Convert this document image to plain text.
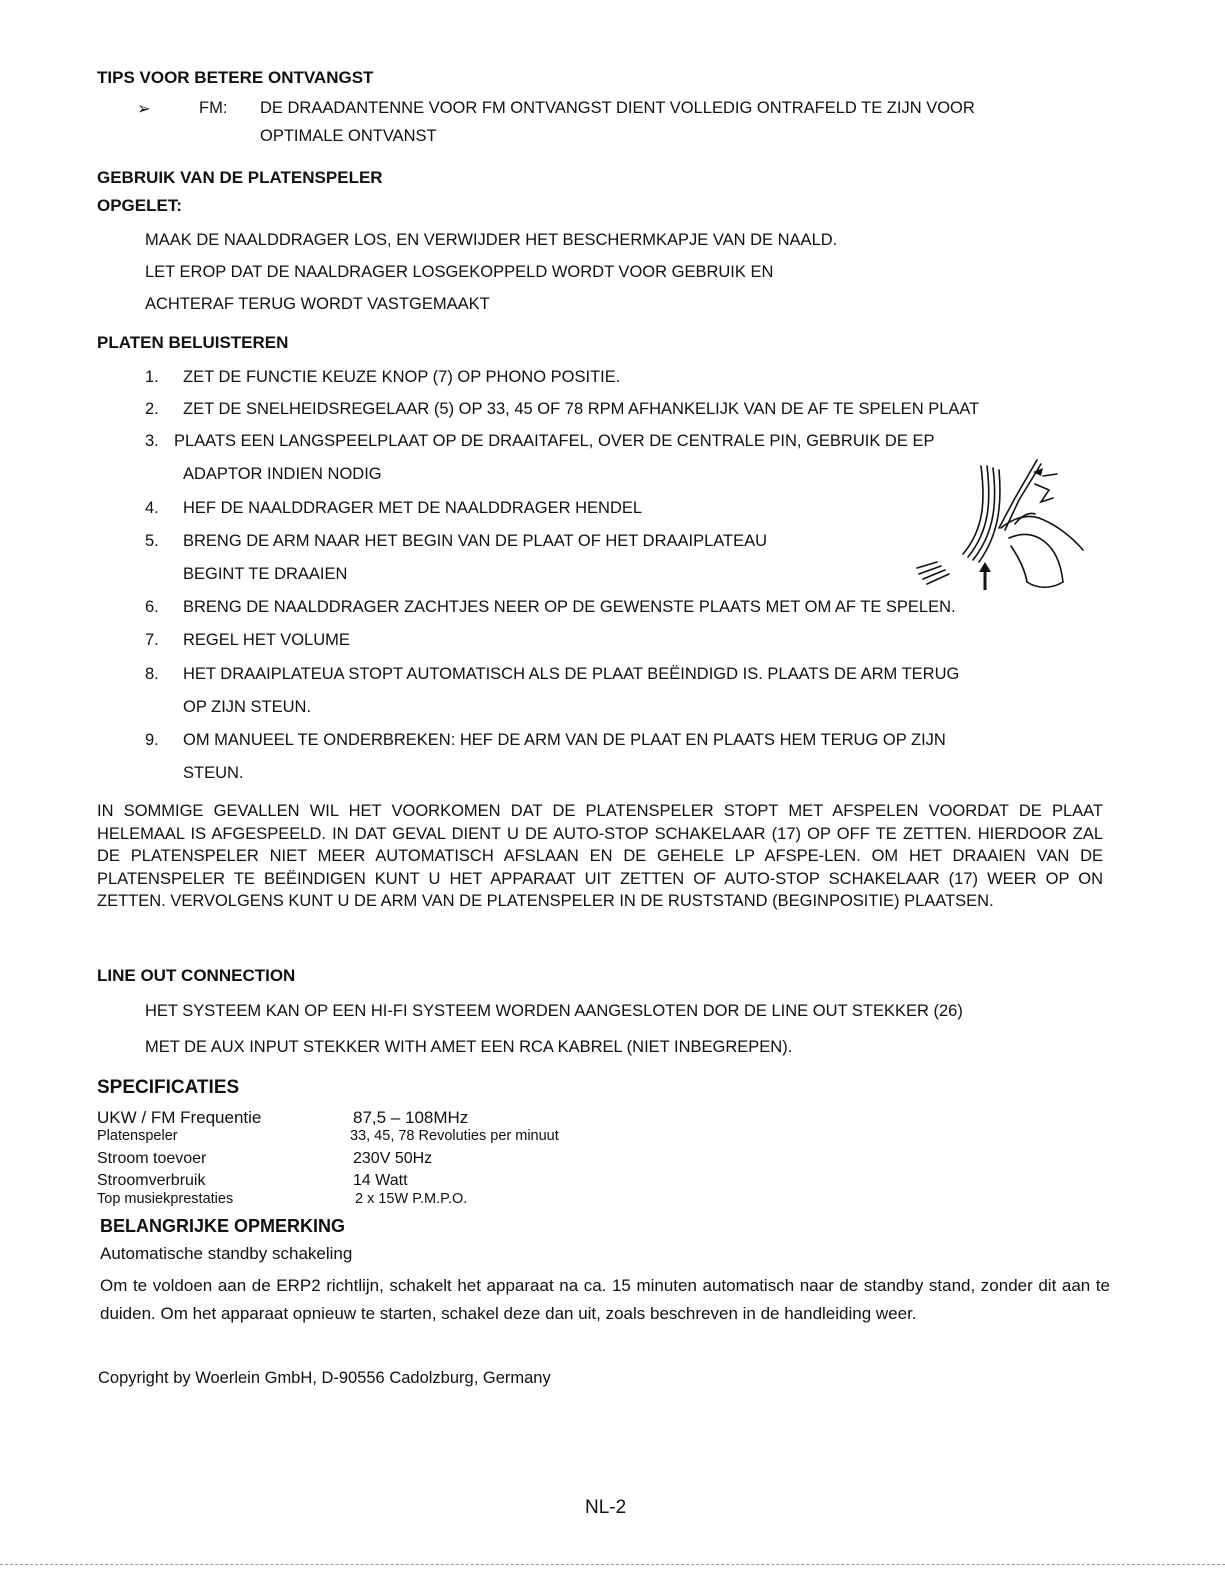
TIPS VOOR BETERE ONTVANGST
➢	FM: DE DRAADANTENNE VOOR FM ONTVANGST DIENT VOLLEDIG ONTRAFELD TE ZIJN VOOR
OPTIMALE ONTVANST
GEBRUIK VAN DE PLATENSPELER
OPGELET:
MAAK DE NAALDDRAGER LOS, EN VERWIJDER HET BESCHERMKAPJE VAN DE NAALD.
LET EROP DAT DE NAALDRAGER LOSGEKOPPELD WORDT VOOR GEBRUIK EN
ACHTERAF TERUG WORDT VASTGEMAAKT
PLATEN BELUISTEREN
1. ZET DE FUNCTIE KEUZE KNOP (7) OP PHONO POSITIE.
2. ZET DE SNELHEIDSREGELAAR (5) OP 33, 45 OF 78 RPM AFHANKELIJK VAN DE AF TE SPELEN PLAAT
3. PLAATS EEN LANGSPEELPLAAT OP DE DRAAITAFEL, OVER DE CENTRALE PIN, GEBRUIK DE EP
ADAPTOR INDIEN NODIG
4. HEF DE NAALDDRAGER MET DE NAALDDRAGER HENDEL
5. BRENG DE ARM NAAR HET BEGIN VAN DE PLAAT OF HET DRAAIPLATEAU
BEGINT TE DRAAIEN
6. BRENG DE NAALDDRAGER ZACHTJES NEER OP DE GEWENSTE PLAATS MET OM AF TE SPELEN.
7. REGEL HET VOLUME
8. HET DRAAIPLATEUA STOPT AUTOMATISCH ALS DE PLAAT BEËINDIGD IS. PLAATS DE ARM TERUG
OP ZIJN STEUN.
9. OM MANUEEL TE ONDERBREKEN: HEF DE ARM VAN DE PLAAT EN PLAATS HEM TERUG OP ZIJN
STEUN.
IN SOMMIGE GEVALLEN WIL HET VOORKOMEN DAT DE PLATENSPELER STOPT MET AFSPELEN VOORDAT DE PLAAT HELEMAAL IS AFGESPEELD. IN DAT GEVAL DIENT U DE AUTO-STOP SCHAKELAAR (17) OP OFF TE ZETTEN. HIERDOOR ZAL DE PLATENSPELER NIET MEER AUTOMATISCH AFSLAAN EN DE GEHELE LP AFSPE-LEN. OM HET DRAAIEN VAN DE PLATENSPELER TE BEËINDIGEN KUNT U HET APPARAAT UIT ZETTEN OF AUTO-STOP SCHAKELAAR (17) WEER OP ON ZETTEN. VERVOLGENS KUNT U DE ARM VAN DE PLATENSPELER IN DE RUSTSTAND (BEGINPOSITIE) PLAATSEN.
LINE OUT CONNECTION
HET SYSTEEM KAN OP EEN HI-FI SYSTEEM WORDEN AANGESLOTEN DOR DE LINE OUT STEKKER (26)
MET DE AUX INPUT STEKKER WITH AMET EEN RCA KABREL (NIET INBEGREPEN).
SPECIFICATIES
UKW / FM Frequentie	87,5 – 108MHz
Platenspeler	33, 45, 78 Revoluties per minuut
Stroom toevoer	230V 50Hz
Stroomverbruik	14 Watt
Top musiekprestaties	2 x 15W P.M.P.O.
BELANGRIJKE OPMERKING
Automatische standby schakeling
Om te voldoen aan de ERP2 richtlijn, schakelt het apparaat na ca. 15 minuten automatisch naar de standby stand, zonder dit aan te duiden. Om het apparaat opnieuw te starten, schakel deze dan uit, zoals beschreven in de handleiding weer.
Copyright by Woerlein GmbH, D-90556 Cadolzburg, Germany
NL-2
